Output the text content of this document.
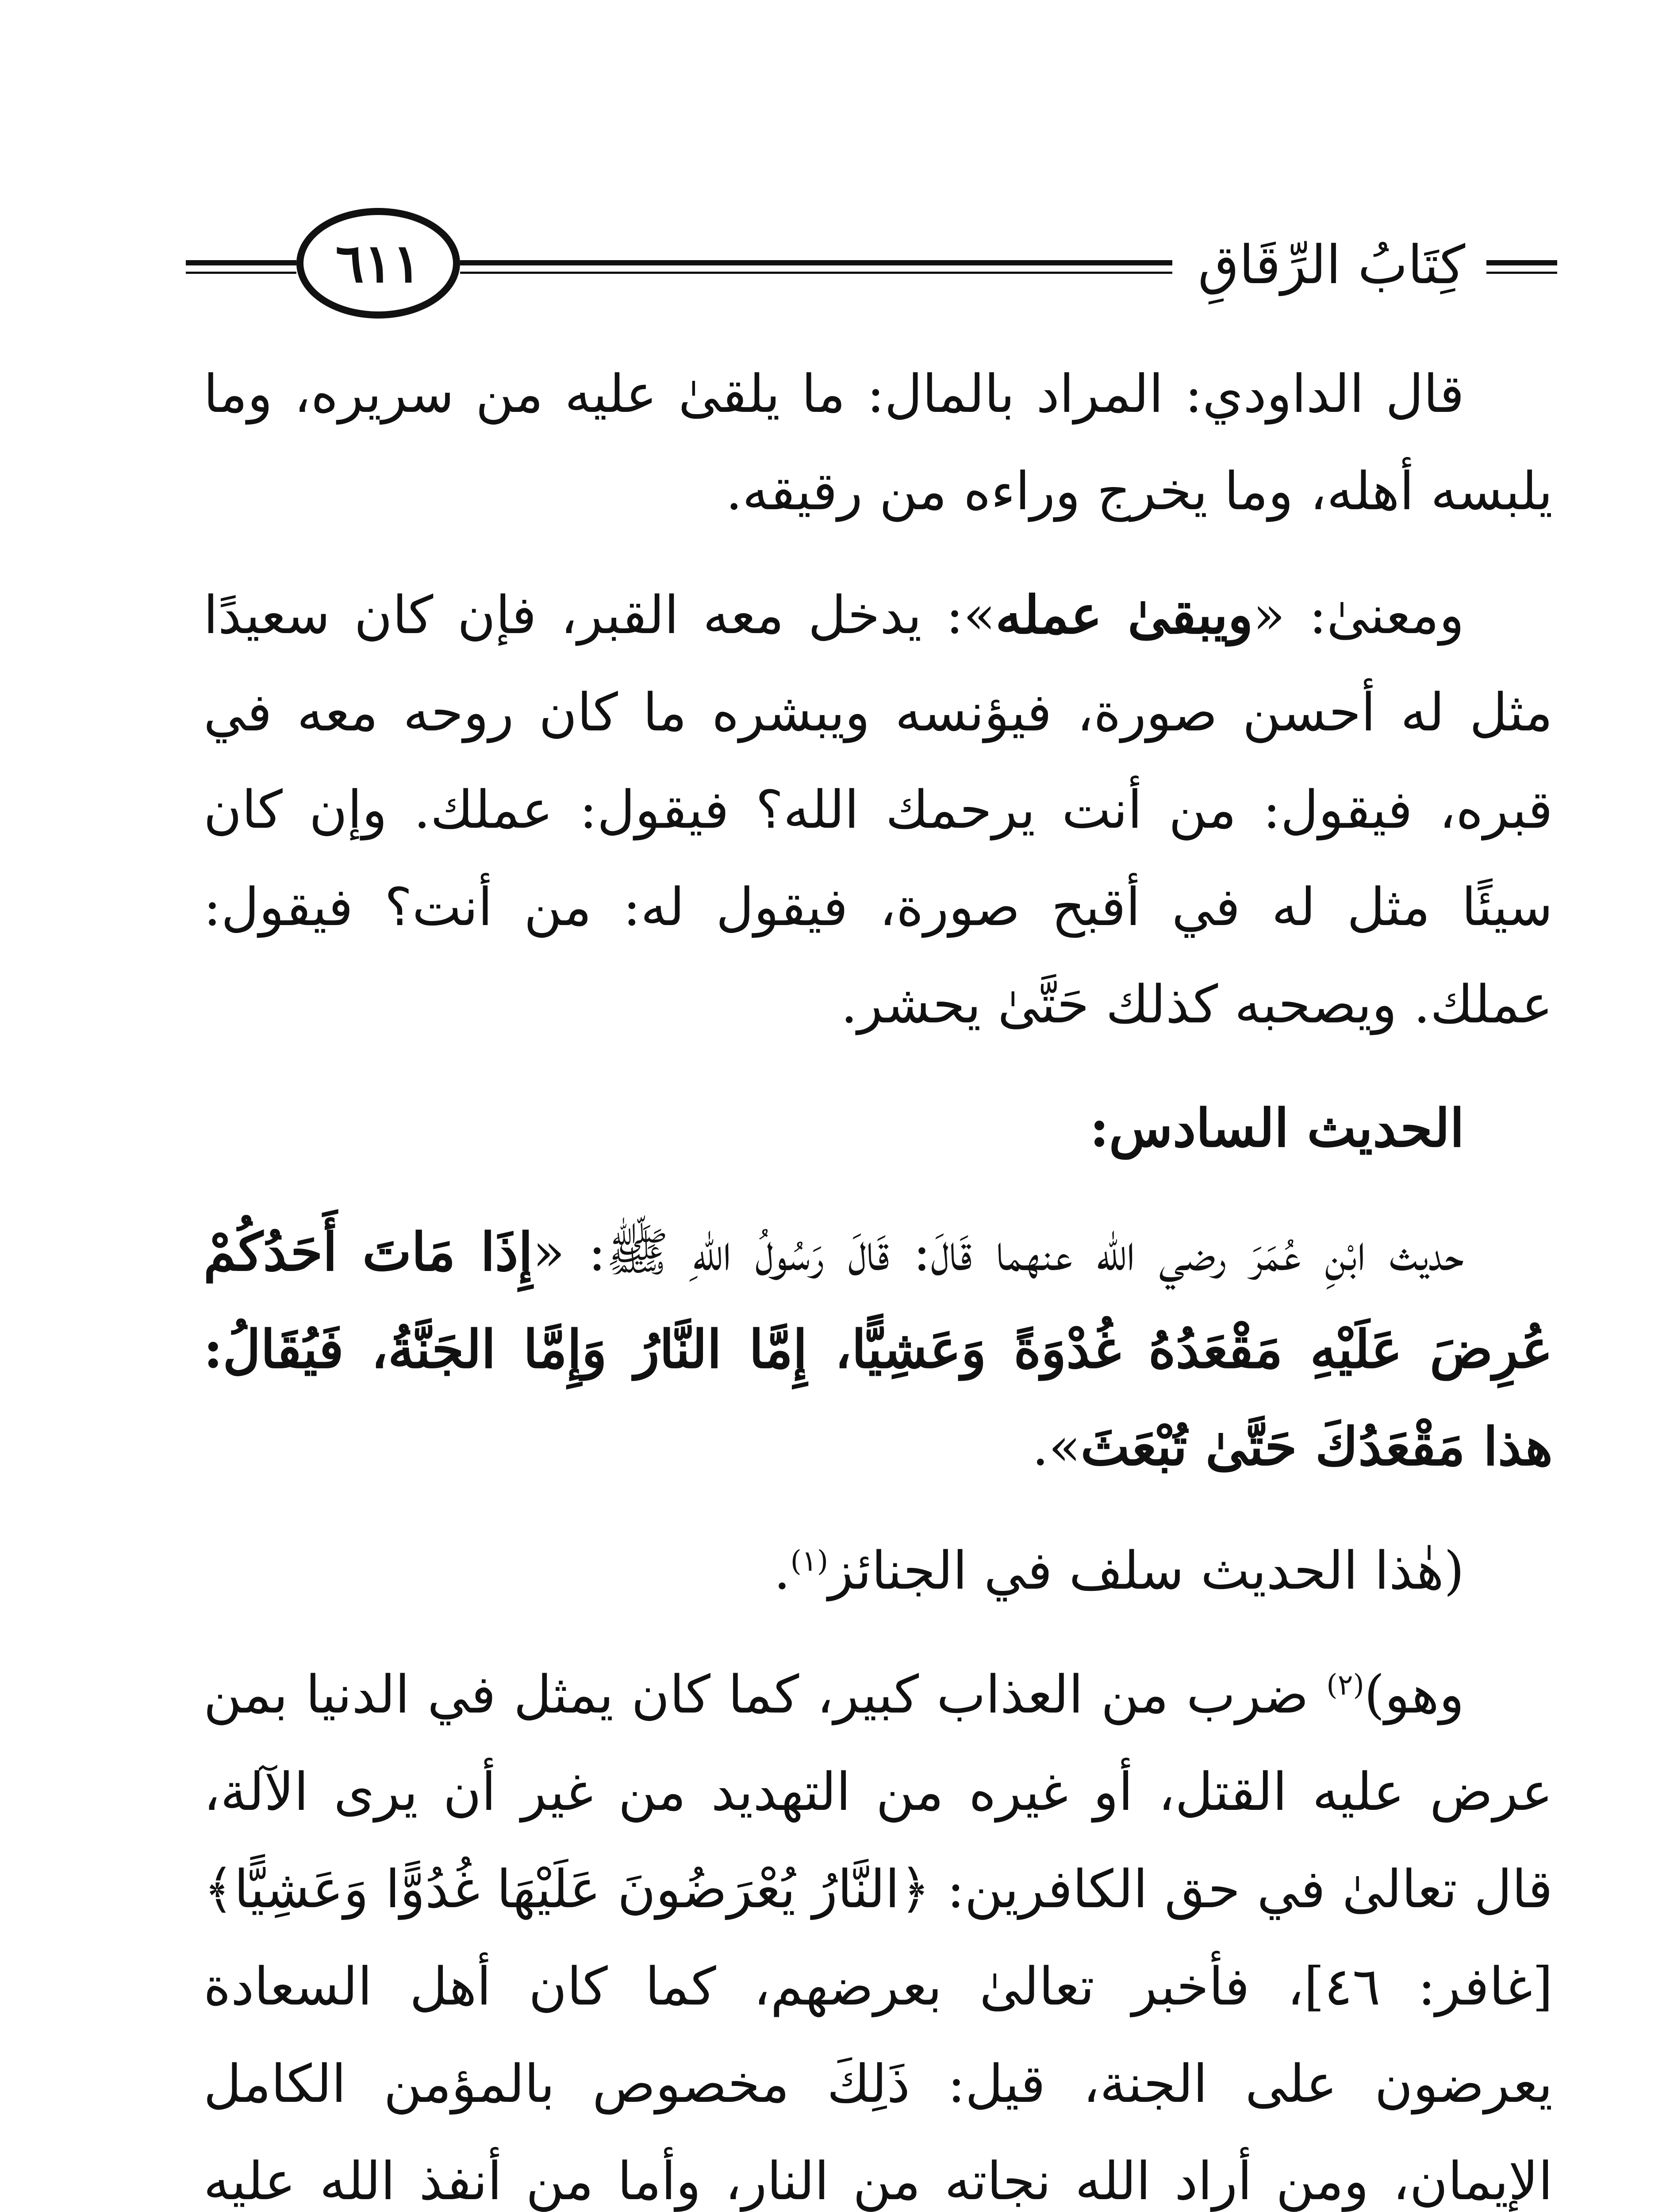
٦١١	كِتَابُ الرِّقَاقِ

قال الداودي: المراد بالمال: ما يلقىٰ عليه من سريره، وما يلبسه أهله، وما يخرج وراءه من رقيقه.

ومعنىٰ: «ويبقىٰ عمله»: يدخل معه القبر، فإن كان سعيدًا مثل له أحسن صورة، فيؤنسه ويبشره ما كان روحه معه في قبره، فيقول: من أنت يرحمك الله؟ فيقول: عملك. وإن كان سيئًا مثل له في أقبح صورة، فيقول له: من أنت؟ فيقول: عملك. ويصحبه كذلك حَتَّىٰ يحشر.

الحديث السادس:

حديث ابْنِ عُمَرَ رضي الله عنهما قَالَ: قَالَ رَسُولُ اللهِ ﷺ: «إِذَا مَاتَ أَحَدُكُمْ عُرِضَ عَلَيْهِ مَقْعَدُهُ غُدْوَةً وَعَشِيًّا، إِمَّا النَّارُ وَإِمَّا الجَنَّةُ، فَيُقَالُ: هذا مَقْعَدُكَ حَتَّىٰ تُبْعَثَ».

(هٰذا الحديث سلف في الجنائز$^{(١)}$.

وهو)$^{(٢)}$ ضرب من العذاب كبير، كما كان يمثل في الدنيا بمن عرض عليه القتل، أو غيره من التهديد من غير أن يرى الآلة، قال تعالىٰ في حق الكافرين: ﴿النَّارُ يُعْرَضُونَ عَلَيْهَا غُدُوًّا وَعَشِيًّا﴾ [غافر: ٤٦]، فأخبر تعالىٰ بعرضهم، كما كان أهل السعادة يعرضون على الجنة، قيل: ذَلِكَ مخصوص بالمؤمن الكامل الإيمان، ومن أراد الله نجاته من النار، وأما من أنفذ الله عليه
